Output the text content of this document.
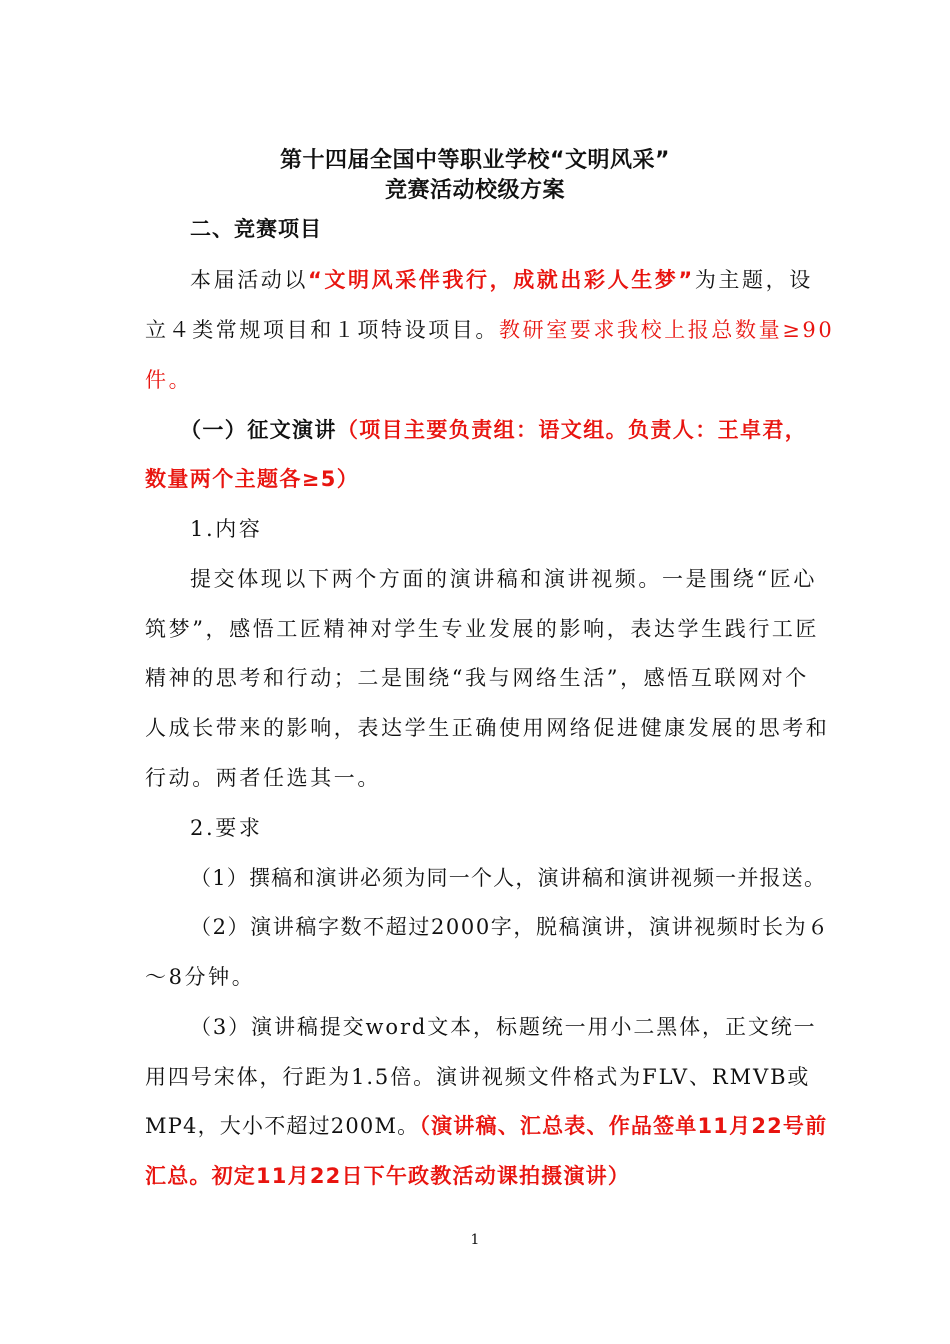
第十四届全国中等职业学校“文明风采”
竞赛活动校级方案
二、竞赛项目
本届活动以“文明风采伴我行，成就出彩人生梦”为主题，设
立４类常规项目和１项特设项目。教研室要求我校上报总数量≥90
件。
（一）征文演讲（项目主要负责组：语文组。负责人：王卓君，
数量两个主题各≥5）
1.内容
提交体现以下两个方面的演讲稿和演讲视频。一是围绕“匠心
筑梦”，感悟工匠精神对学生专业发展的影响，表达学生践行工匠
精神的思考和行动；二是围绕“我与网络生活”，感悟互联网对个
人成长带来的影响，表达学生正确使用网络促进健康发展的思考和
行动。两者任选其一。
2.要求
（1）撰稿和演讲必须为同一个人，演讲稿和演讲视频一并报送。
（2）演讲稿字数不超过2000字，脱稿演讲，演讲视频时长为６
～8分钟。
（3）演讲稿提交word文本，标题统一用小二黑体，正文统一
用四号宋体，行距为1.5倍。演讲视频文件格式为FLV、RMVB或
MP4，大小不超过200M。（演讲稿、汇总表、作品签单11月22号前
汇总。初定11月22日下午政教活动课拍摄演讲）
1
